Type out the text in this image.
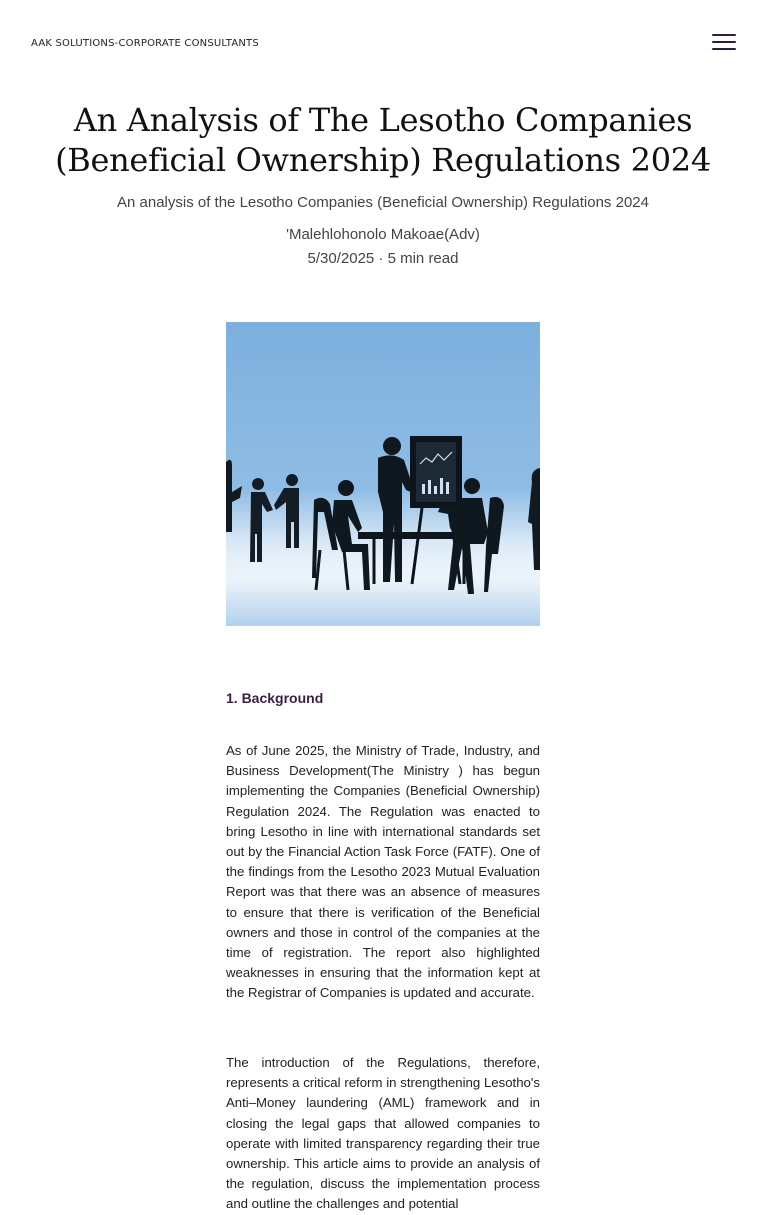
AAK SOLUTIONS-CORPORATE CONSULTANTS
An Analysis of The Lesotho Companies (Beneficial Ownership) Regulations 2024
An analysis of the Lesotho Companies (Beneficial Ownership) Regulations 2024
'Malehlohonolo Makoae(Adv)
5/30/2025 · 5 min read
1. Background

As of June 2025, the Ministry of Trade, Industry, and Business Development(The Ministry ) has begun implementing the Companies (Beneficial Ownership) Regulation 2024. The Regulation was enacted to bring Lesotho in line with international standards set out by the Financial Action Task Force (FATF). One of the findings from the Lesotho 2023 Mutual Evaluation Report was that there was an absence of measures to ensure that there is verification of the Beneficial owners and those in control of the companies at the time of registration. The report also highlighted weaknesses in ensuring that the information kept at the Registrar of Companies is updated and accurate.

The introduction of the Regulations, therefore, represents a critical reform in strengthening Lesotho's Anti–Money laundering (AML) framework and in closing the legal gaps that allowed companies to operate with limited transparency regarding their true ownership. This article aims to provide an analysis of the regulation, discuss the implementation process and outline the challenges and potential
